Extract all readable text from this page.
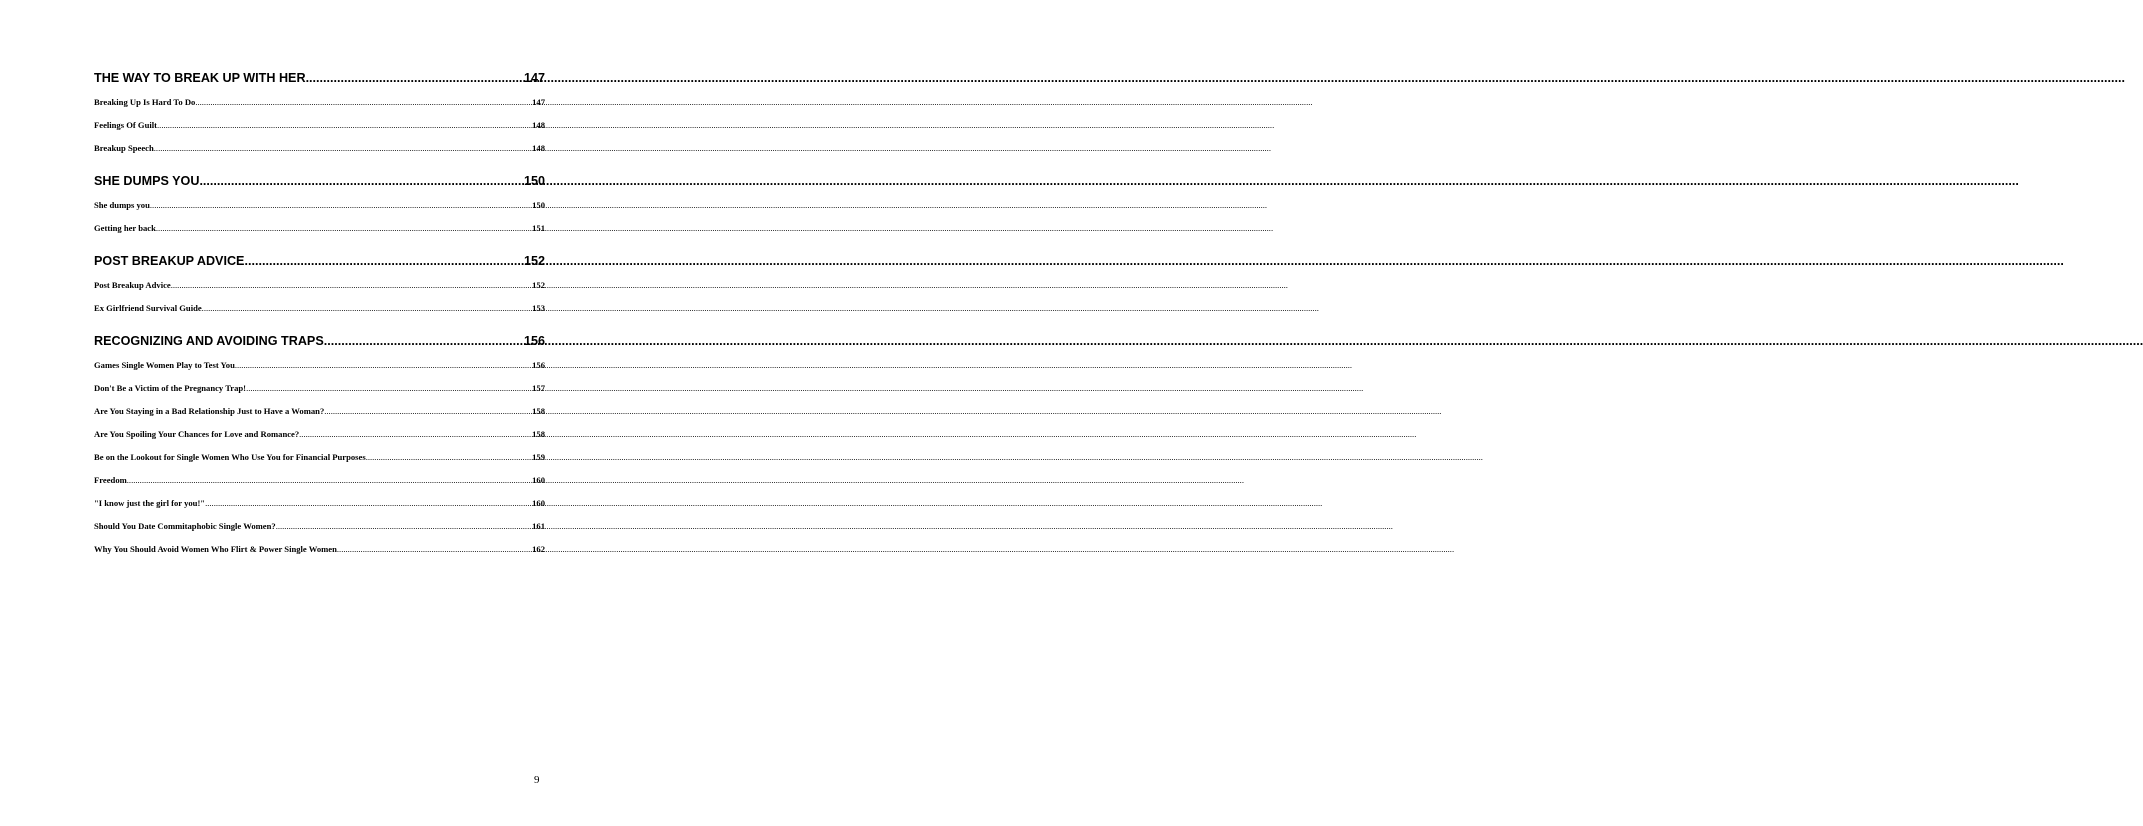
THE WAY TO BREAK UP WITH HER .....	147
Breaking Up Is Hard To Do .....	147
Feelings Of Guilt .....	148
Breakup Speech .....	148
SHE DUMPS YOU .....	150
She dumps you .....	150
Getting her back .....	151
POST BREAKUP ADVICE .....	152
Post Breakup Advice .....	152
Ex Girlfriend Survival Guide .....	153
RECOGNIZING AND AVOIDING TRAPS .....	156
Games Single Women Play to Test You .....	156
Don't Be a Victim of the Pregnancy Trap! .....	157
Are You Staying in a Bad Relationship Just to Have a Woman? .....	158
Are You Spoiling Your Chances for Love and Romance? .....	158
Be on the Lookout for Single Women Who Use You for Financial Purposes .....	159
Freedom .....	160
"I know just the girl for you!" .....	160
Should You Date Commitaphobic Single Women? .....	161
Why You Should Avoid Women Who Flirt & Power Single Women .....	162
9
